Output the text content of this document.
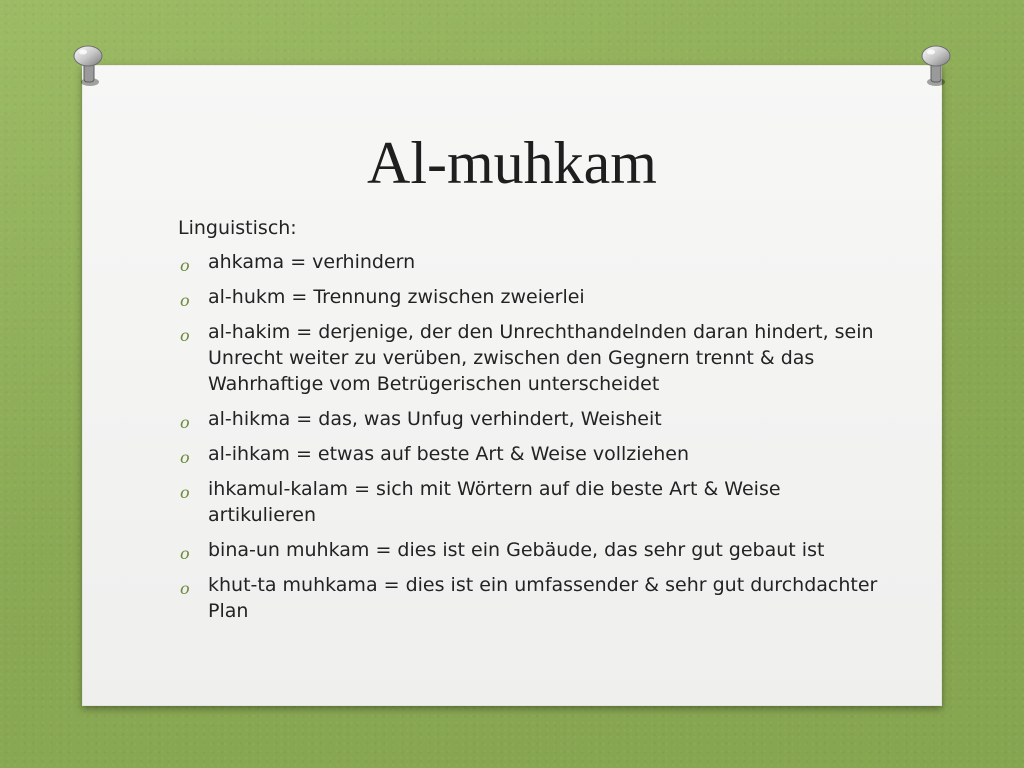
Al-muhkam

Linguistisch:

o ahkama = verhindern
o al-hukm = Trennung zwischen zweierlei
o al-hakim = derjenige, der den Unrechthandelnden daran hindert, sein Unrecht weiter zu verüben, zwischen den Gegnern trennt & das Wahrhaftige vom Betrügerischen unterscheidet
o al-hikma = das, was Unfug verhindert, Weisheit
o al-ihkam = etwas auf beste Art & Weise vollziehen
o ihkamul-kalam = sich mit Wörtern auf die beste Art & Weise artikulieren
o bina-un muhkam = dies ist ein Gebäude, das sehr gut gebaut ist
o khut-ta muhkama = dies ist ein umfassender & sehr gut durchdachter Plan
